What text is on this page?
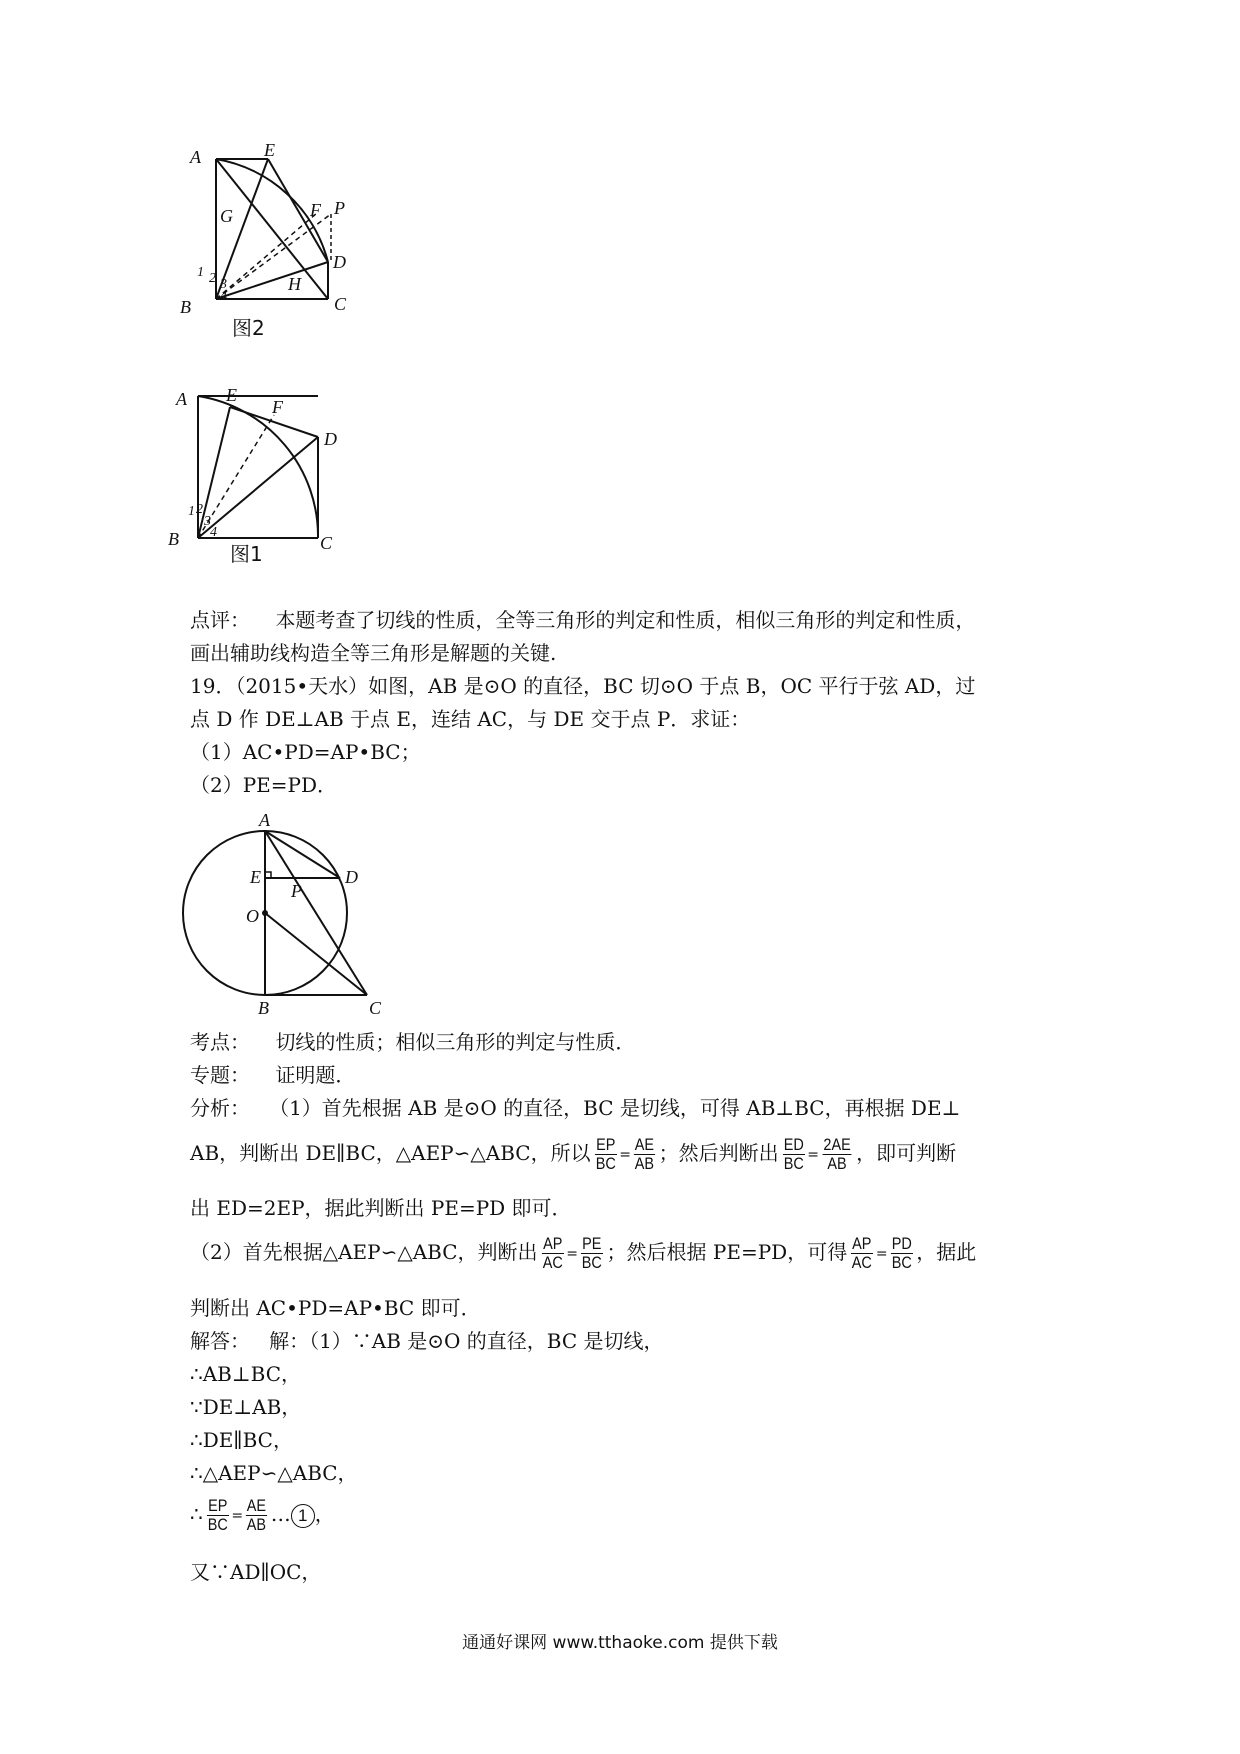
A	E
G	F P
D
H
B	C
1 2 3
4
图2
A E
F
D
B	C
1 2
3
4
图1
点评： 本题考查了切线的性质，全等三角形的判定和性质，相似三角形的判定和性质，
画出辅助线构造全等三角形是解题的关键.
19．（2015•天水）如图，AB 是⊙O 的直径，BC 切⊙O 于点 B，OC 平行于弦 AD，过
点 D 作 DE⊥AB 于点 E，连结 AC，与 DE 交于点 P．求证：
（1）AC•PD=AP•BC；
（2）PE=PD．
A
E	D
P
O
B	C
考点： 切线的性质；相似三角形的判定与性质．
专题： 证明题．
分析： （1）首先根据 AB 是⊙O 的直径，BC 是切线，可得 AB⊥BC，再根据 DE⊥
AB，判断出 DE∥BC，△AEP∽△ABC，所以 $\frac{EP}{BC} = \frac{AE}{AB}$ ；然后判断出 $\frac{ED}{BC} = \frac{2AE}{AB}$ ，即可判断
出 ED=2EP，据此判断出 PE=PD 即可．
（2）首先根据△AEP∽△ABC，判断出 $\frac{AP}{AC} = \frac{PE}{BC}$ ；然后根据 PE=PD，可得 $\frac{AP}{AC} = \frac{PD}{BC}$ ，据此
判断出 AC•PD=AP•BC 即可．
解答： 解：（1）∵AB 是⊙O 的直径，BC 是切线，
∴AB⊥BC，
∵DE⊥AB，
∴DE∥BC，
∴△AEP∽△ABC，
∴ $\frac{EP}{BC} = \frac{AE}{AB}$ … 1 ，
又∵AD∥OC，
通通好课网 www.tthaoke.com 提供下载
